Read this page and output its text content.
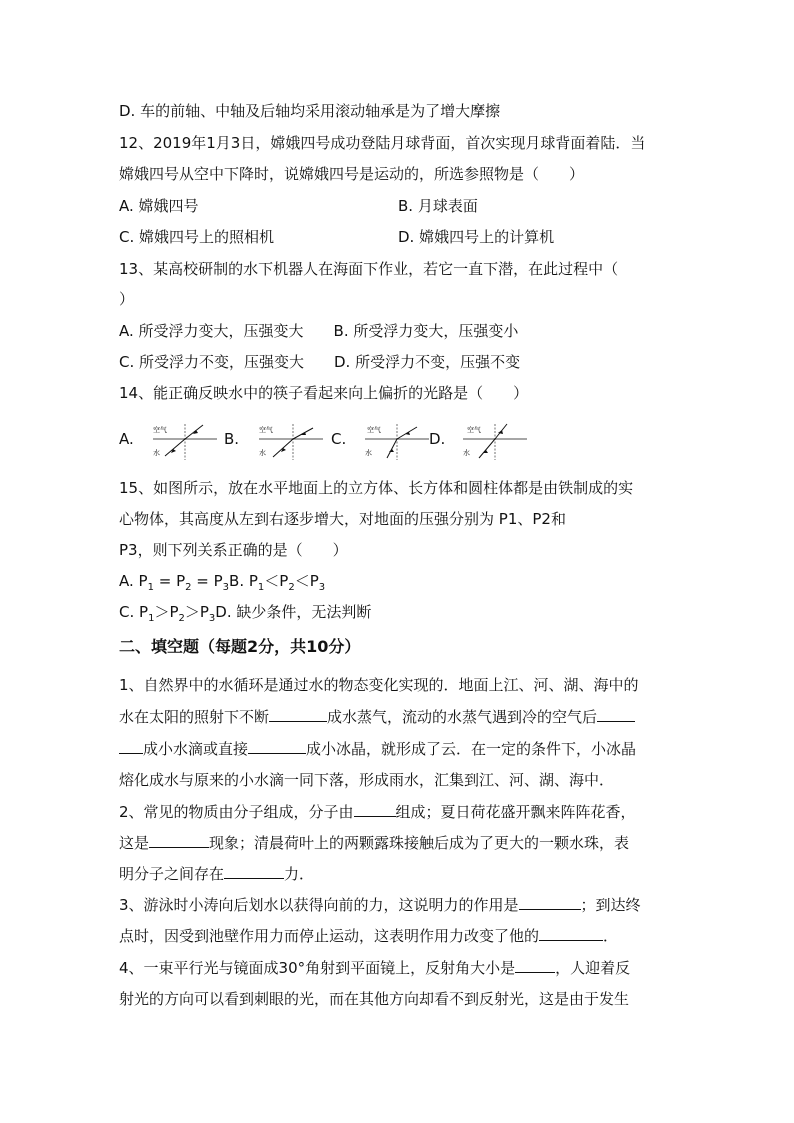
D. 车的前轴、中轴及后轴均采用滚动轴承是为了增大摩擦
12、2019年1月3日，嫦娥四号成功登陆月球背面，首次实现月球背面着陆．当
嫦娥四号从空中下降时，说嫦娥四号是运动的，所选参照物是（　　）
A. 嫦娥四号	B. 月球表面
C. 嫦娥四号上的照相机	D. 嫦娥四号上的计算机
13、某高校研制的水下机器人在海面下作业，若它一直下潜，在此过程中（
）
A. 所受浮力变大，压强变大　　B. 所受浮力变大，压强变小
C. 所受浮力不变，压强变大　　D. 所受浮力不变，压强不变
14、能正确反映水中的筷子看起来向上偏折的光路是（　　）
A.	空气
水
B.	空气
水
C.	空气
水
D.	空气
水
15、如图所示，放在水平地面上的立方体、长方体和圆柱体都是由铁制成的实
心物体，其高度从左到右逐步增大，对地面的压强分别为 P1、P2和
P3，则下列关系正确的是（　　）
A. $P_1 = P_2 = P_3B$. $P_1<P_2<P_3$
C. $P_1>P_2>P_3D$. 缺少条件，无法判断
二、填空题（每题2分，共10分）
1、自然界中的水循环是通过水的物态变化实现的．地面上江、河、湖、海中的
水在太阳的照射下不断	成水蒸气，流动的水蒸气遇到冷的空气后
成小水滴或直接	成小冰晶，就形成了云．在一定的条件下，小冰晶
熔化成水与原来的小水滴一同下落，形成雨水，汇集到江、河、湖、海中．
2、常见的物质由分子组成，分子由	组成；夏日荷花盛开飘来阵阵花香，
这是	现象；清晨荷叶上的两颗露珠接触后成为了更大的一颗水珠，表
明分子之间存在	力．
3、游泳时小涛向后划水以获得向前的力，这说明力的作用是	；到达终
点时，因受到池壁作用力而停止运动，这表明作用力改变了他的	．
4、一束平行光与镜面成30°角射到平面镜上，反射角大小是	，人迎着反
射光的方向可以看到刺眼的光，而在其他方向却看不到反射光，这是由于发生
